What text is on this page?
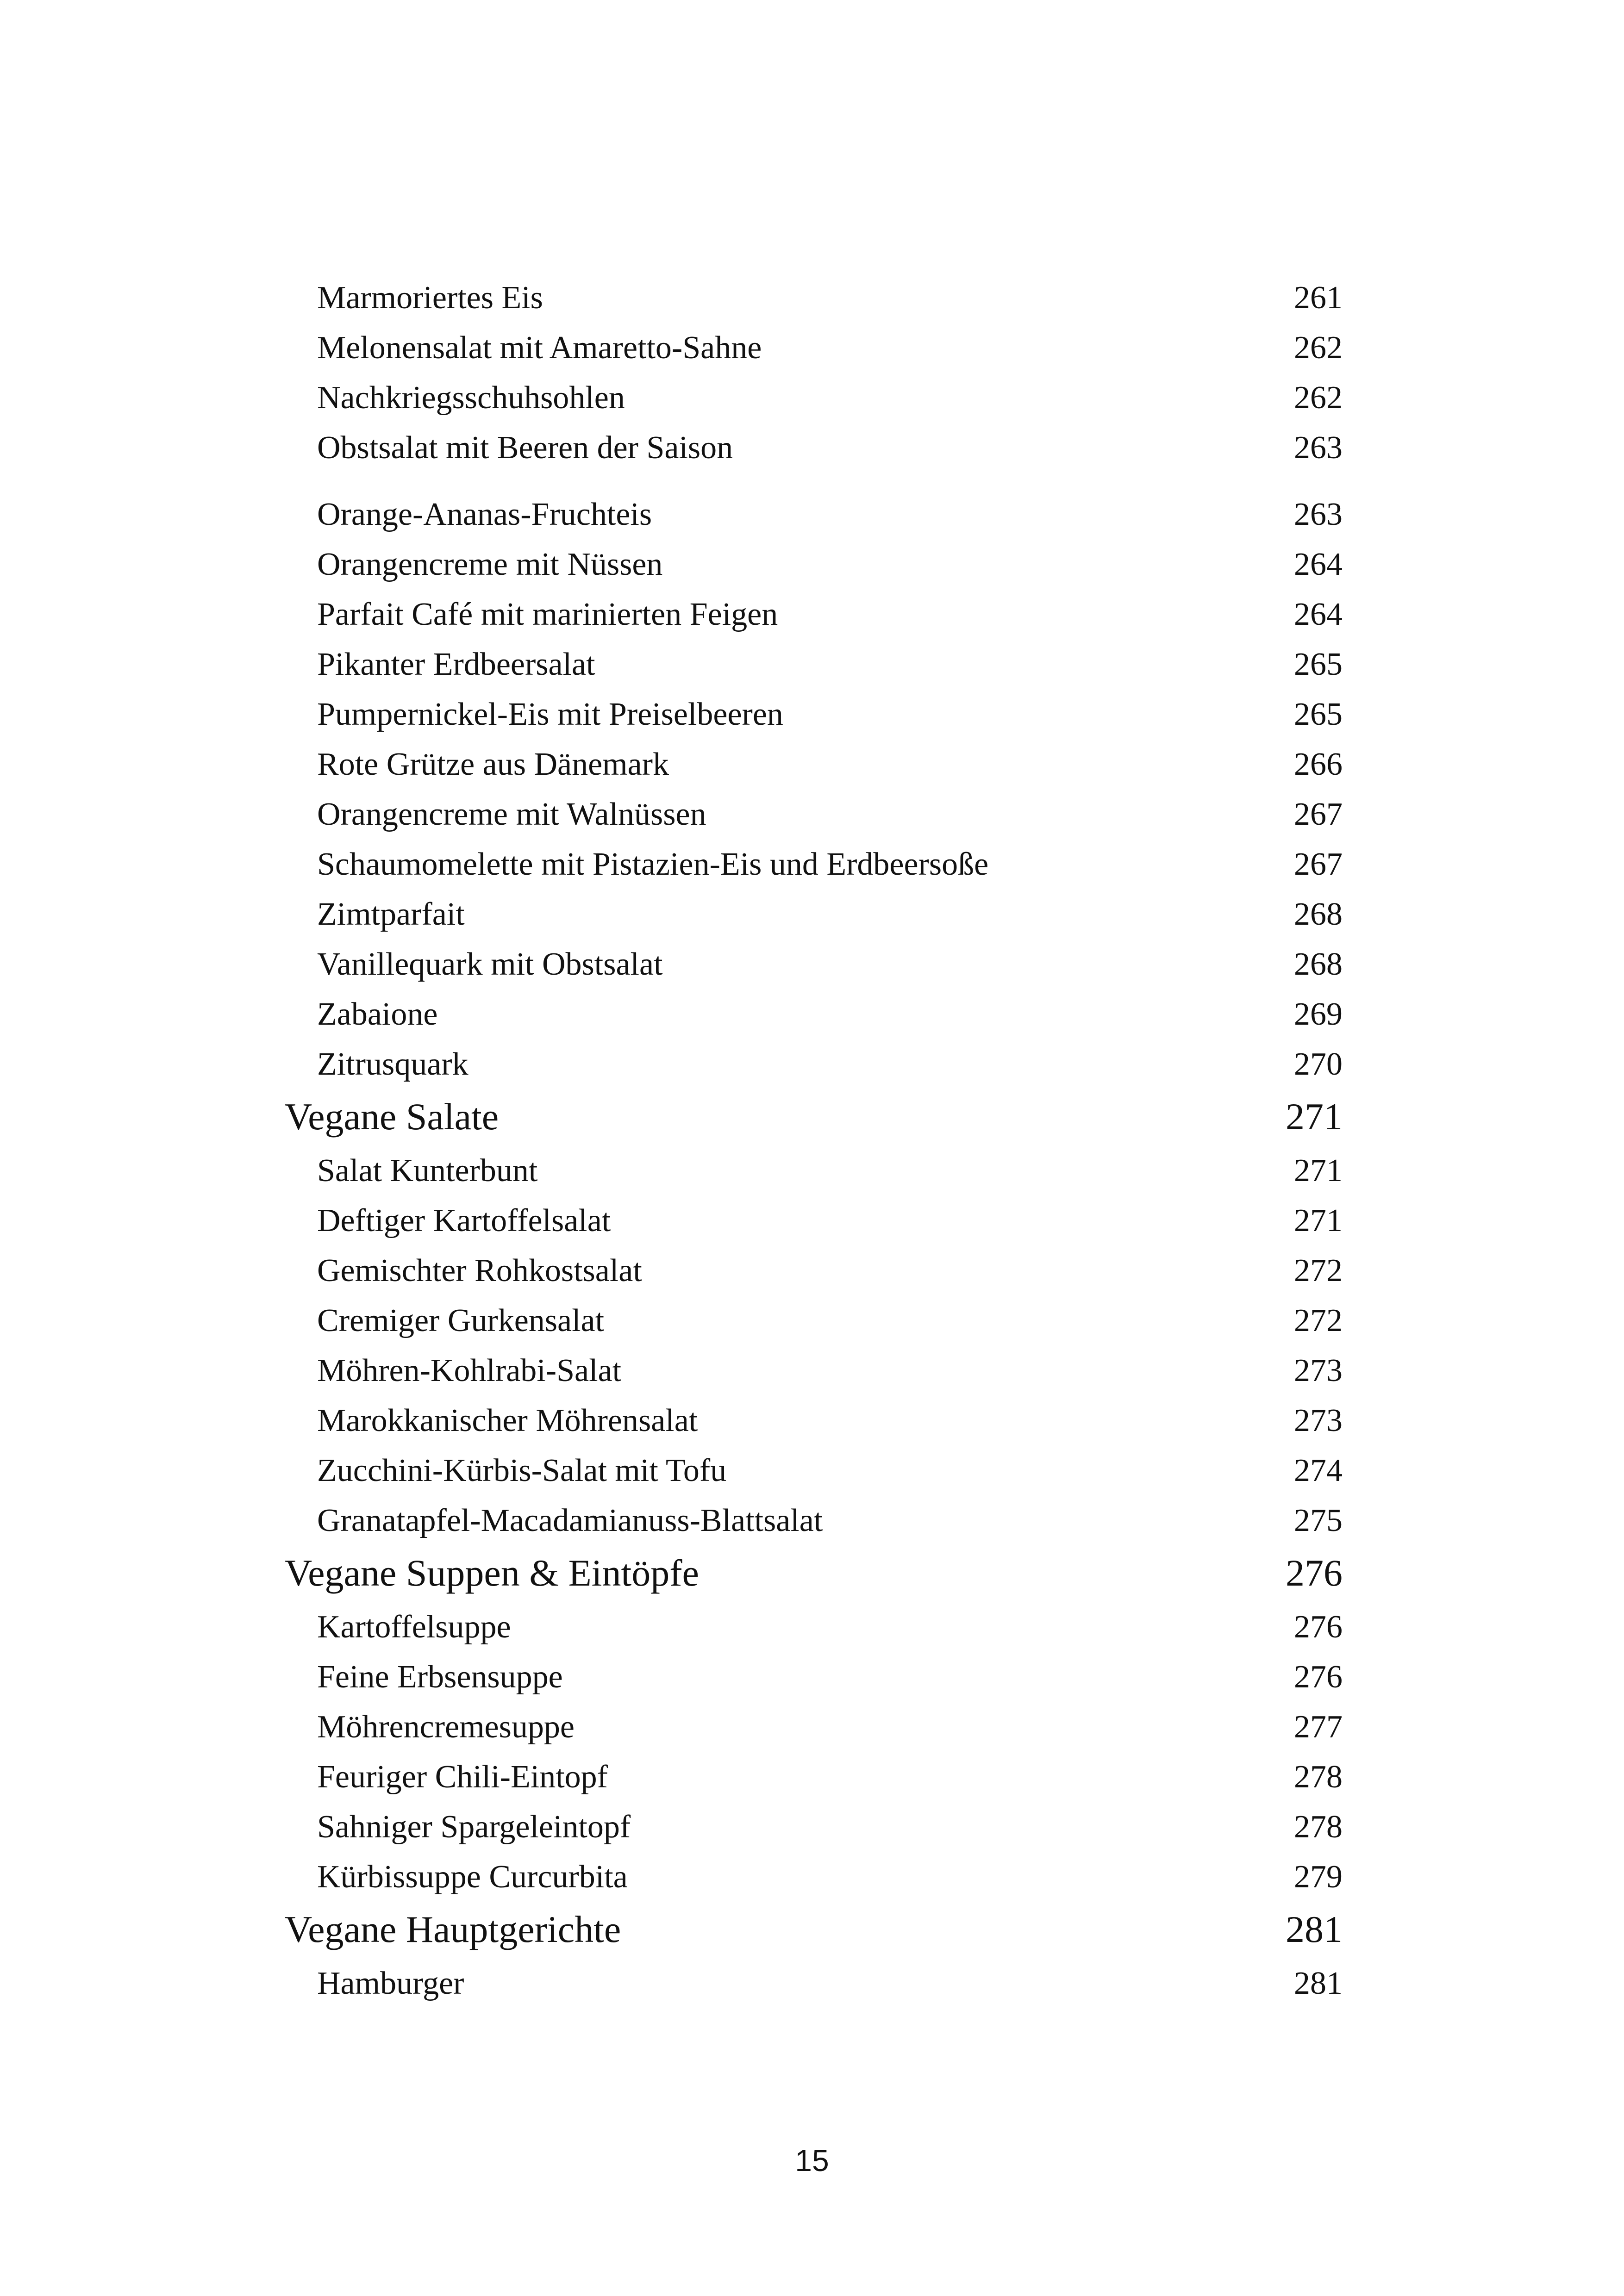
Marmoriertes Eis	261
Melonensalat mit Amaretto-Sahne	262
Nachkriegsschuhsohlen	262
Obstsalat mit Beeren der Saison	263
Orange-Ananas-Fruchteis	263
Orangencreme mit Nüssen	264
Parfait Café mit marinierten Feigen	264
Pikanter Erdbeersalat	265
Pumpernickel-Eis mit Preiselbeeren	265
Rote Grütze aus Dänemark	266
Orangencreme mit Walnüssen	267
Schaumomelette mit Pistazien-Eis und Erdbeersoße	267
Zimtparfait	268
Vanillequark mit Obstsalat	268
Zabaione	269
Zitrusquark	270
Vegane Salate	271
Salat Kunterbunt	271
Deftiger Kartoffelsalat	271
Gemischter Rohkostsalat	272
Cremiger Gurkensalat	272
Möhren-Kohlrabi-Salat	273
Marokkanischer Möhrensalat	273
Zucchini-Kürbis-Salat mit Tofu	274
Granatapfel-Macadamianuss-Blattsalat	275
Vegane Suppen & Eintöpfe	276
Kartoffelsuppe	276
Feine Erbsensuppe	276
Möhrencremesuppe	277
Feuriger Chili-Eintopf	278
Sahniger Spargeleintopf	278
Kürbissuppe Curcurbita	279
Vegane Hauptgerichte	281
Hamburger	281
15
